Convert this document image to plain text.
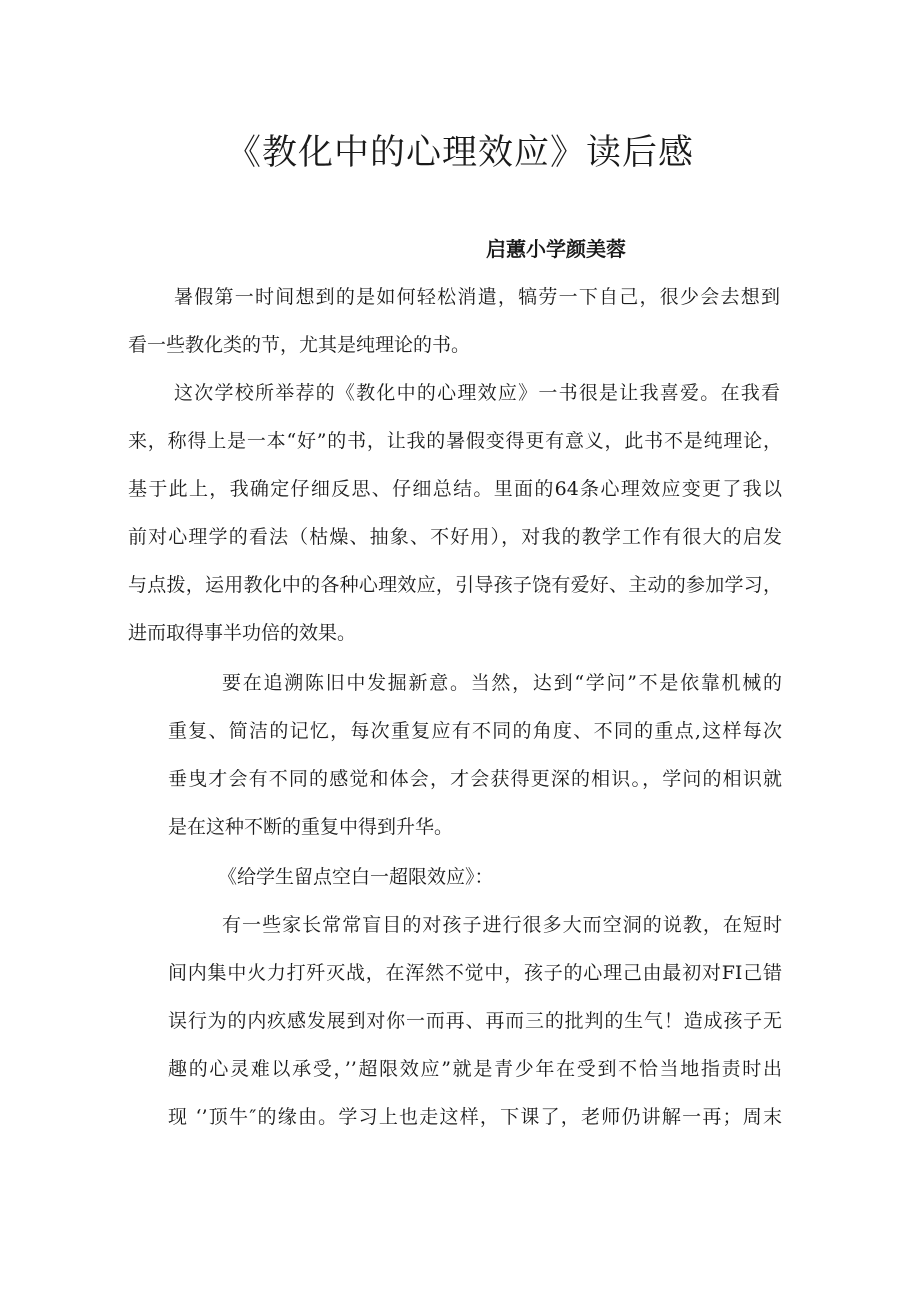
《教化中的心理效应》读后感
启蕙小学颜美蓉
暑假第一时间想到的是如何轻松消遣，犒劳一下自己，很少会去想到
看一些教化类的节，尤其是纯理论的书。
这次学校所举荐的《教化中的心理效应》一书很是让我喜爱。在我看
来，称得上是一本“好”的书，让我的暑假变得更有意义，此书不是纯理论，
基于此上，我确定仔细反思、仔细总结。里面的64条心理效应变更了我以
前对心理学的看法（枯燥、抽象、不好用），对我的教学工作有很大的启发
与点拨，运用教化中的各种心理效应，引导孩子饶有爱好、主动的参加学习，
进而取得事半功倍的效果。
要在追溯陈旧中发掘新意。当然，达到“学问”不是依靠机械的
重复、简洁的记忆，每次重复应有不同的角度、不同的重点,这样每次
垂曳才会有不同的感觉和体会，才会获得更深的相识。，学问的相识就
是在这种不断的重复中得到升华。
《给学生留点空白一超限效应》：
有一些家长常常盲目的对孩子进行很多大而空洞的说教，在短时
间内集中火力打歼灭战，在浑然不觉中，孩子的心理己由最初对FI己错
误行为的内疚感发展到对你一而再、再而三的批判的生气！造成孩子无
趣的心灵难以承受，’’超限效应”就是青少年在受到不恰当地指责时出
现 ‘’顶牛″的缘由。学习上也走这样，下课了，老师仍讲解一再；周末
